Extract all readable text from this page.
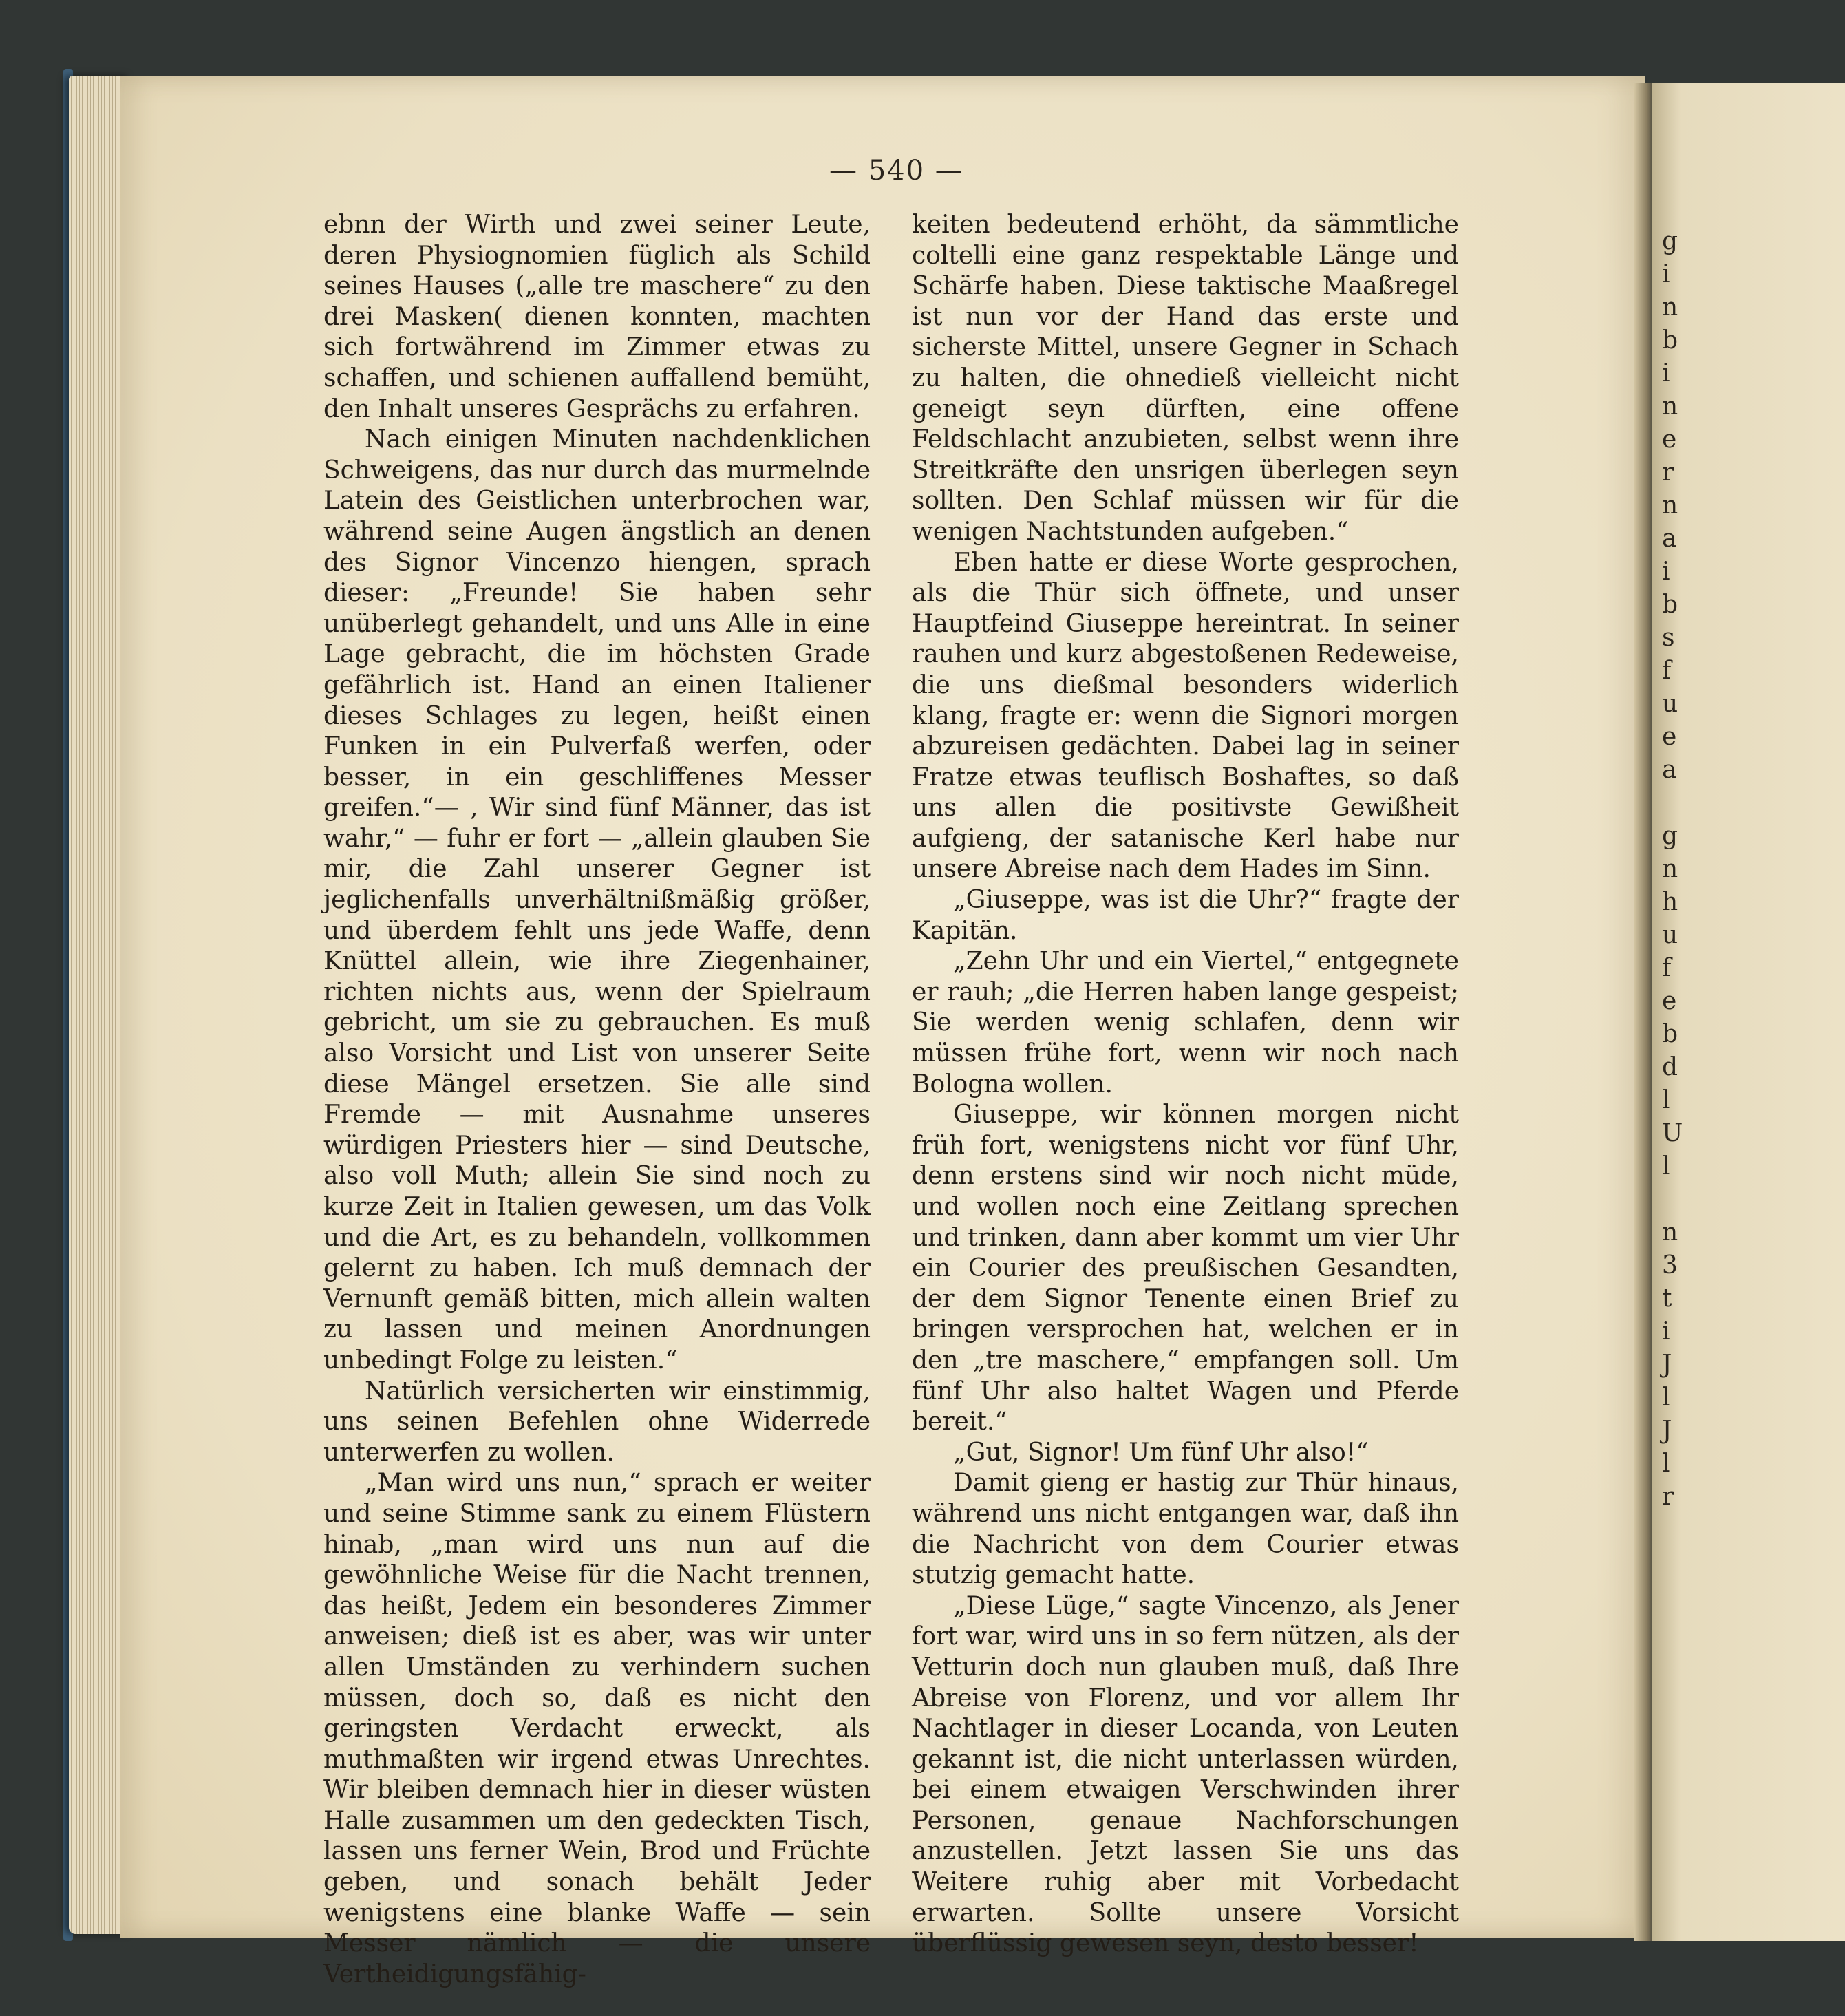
— 540 —

ebnn der Wirth und zwei seiner Leute, deren Physiognomien füglich als Schild seines Hauses („alle tre maschere“ zu den drei Masken( dienen konnten, machten sich fortwährend im Zimmer etwas zu schaffen, und schienen auffallend bemüht, den Inhalt unseres Gesprächs zu erfahren.

Nach einigen Minuten nachdenklichen Schweigens, das nur durch das murmelnde Latein des Geistlichen unterbrochen war, während seine Augen ängstlich an denen des Signor Vincenzo hiengen, sprach dieser: „Freunde! Sie haben sehr unüberlegt gehandelt, und uns Alle in eine Lage gebracht, die im höchsten Grade gefährlich ist. Hand an einen Italiener dieses Schlages zu legen, heißt einen Funken in ein Pulverfaß werfen, oder besser, in ein geschliffenes Messer greifen.“— , Wir sind fünf Männer, das ist wahr,“ — fuhr er fort — „allein glauben Sie mir, die Zahl unserer Gegner ist jeglichenfalls unverhältnißmäßig größer, und überdem fehlt uns jede Waffe, denn Knüttel allein, wie ihre Ziegenhainer, richten nichts aus, wenn der Spielraum gebricht, um sie zu gebrauchen. Es muß also Vorsicht und List von unserer Seite diese Mängel ersetzen. Sie alle sind Fremde — mit Ausnahme unseres würdigen Priesters hier — sind Deutsche, also voll Muth; allein Sie sind noch zu kurze Zeit in Italien gewesen, um das Volk und die Art, es zu behandeln, vollkommen gelernt zu haben. Ich muß demnach der Vernunft gemäß bitten, mich allein walten zu lassen und meinen Anordnungen unbedingt Folge zu leisten.“

Natürlich versicherten wir einstimmig, uns seinen Befehlen ohne Widerrede unterwerfen zu wollen.

„Man wird uns nun,“ sprach er weiter und seine Stimme sank zu einem Flüstern hinab, „man wird uns nun auf die gewöhnliche Weise für die Nacht trennen, das heißt, Jedem ein besonderes Zimmer anweisen; dieß ist es aber, was wir unter allen Umständen zu verhindern suchen müssen, doch so, daß es nicht den geringsten Verdacht erweckt, als muthmaßten wir irgend etwas Unrechtes. Wir bleiben demnach hier in dieser wüsten Halle zusammen um den gedeckten Tisch, lassen uns ferner Wein, Brod und Früchte geben, und sonach behält Jeder wenigstens eine blanke Waffe — sein Messer nämlich — die unsere Vertheidigungsfähig-

keiten bedeutend erhöht, da sämmtliche coltelli eine ganz respektable Länge und Schärfe haben. Diese taktische Maaßregel ist nun vor der Hand das erste und sicherste Mittel, unsere Gegner in Schach zu halten, die ohnedieß vielleicht nicht geneigt seyn dürften, eine offene Feldschlacht anzubieten, selbst wenn ihre Streitkräfte den unsrigen überlegen seyn sollten. Den Schlaf müssen wir für die wenigen Nachtstunden aufgeben.“

Eben hatte er diese Worte gesprochen, als die Thür sich öffnete, und unser Hauptfeind Giuseppe hereintrat. In seiner rauhen und kurz abgestoßenen Redeweise, die uns dießmal besonders widerlich klang, fragte er: wenn die Signori morgen abzureisen gedächten. Dabei lag in seiner Fratze etwas teuflisch Boshaftes, so daß uns allen die positivste Gewißheit aufgieng, der satanische Kerl habe nur unsere Abreise nach dem Hades im Sinn.

„Giuseppe, was ist die Uhr?“ fragte der Kapitän.

„Zehn Uhr und ein Viertel,“ entgegnete er rauh; „die Herren haben lange gespeist; Sie werden wenig schlafen, denn wir müssen frühe fort, wenn wir noch nach Bologna wollen.

Giuseppe, wir können morgen nicht früh fort, wenigstens nicht vor fünf Uhr, denn erstens sind wir noch nicht müde, und wollen noch eine Zeitlang sprechen und trinken, dann aber kommt um vier Uhr ein Courier des preußischen Gesandten, der dem Signor Tenente einen Brief zu bringen versprochen hat, welchen er in den „tre maschere,“ empfangen soll. Um fünf Uhr also haltet Wagen und Pferde bereit.“

„Gut, Signor! Um fünf Uhr also!“

Damit gieng er hastig zur Thür hinaus, während uns nicht entgangen war, daß ihn die Nachricht von dem Courier etwas stutzig gemacht hatte.

„Diese Lüge,“ sagte Vincenzo, als Jener fort war, wird uns in so fern nützen, als der Vetturin doch nun glauben muß, daß Ihre Abreise von Florenz, und vor allem Ihr Nachtlager in dieser Locanda, von Leuten gekannt ist, die nicht unterlassen würden, bei einem etwaigen Verschwinden ihrer Personen, genaue Nachforschungen anzustellen. Jetzt lassen Sie uns das Weitere ruhig aber mit Vorbedacht erwarten. Sollte unsere Vorsicht überflüssig gewesen seyn, desto besser!

g
i
n
b
i
n
e
r
n
a
i
b
s
f
u
e
a
g
n
h
u
f
e
b
d
l
U
l
n
3
t
i
J
l
J
l
r
